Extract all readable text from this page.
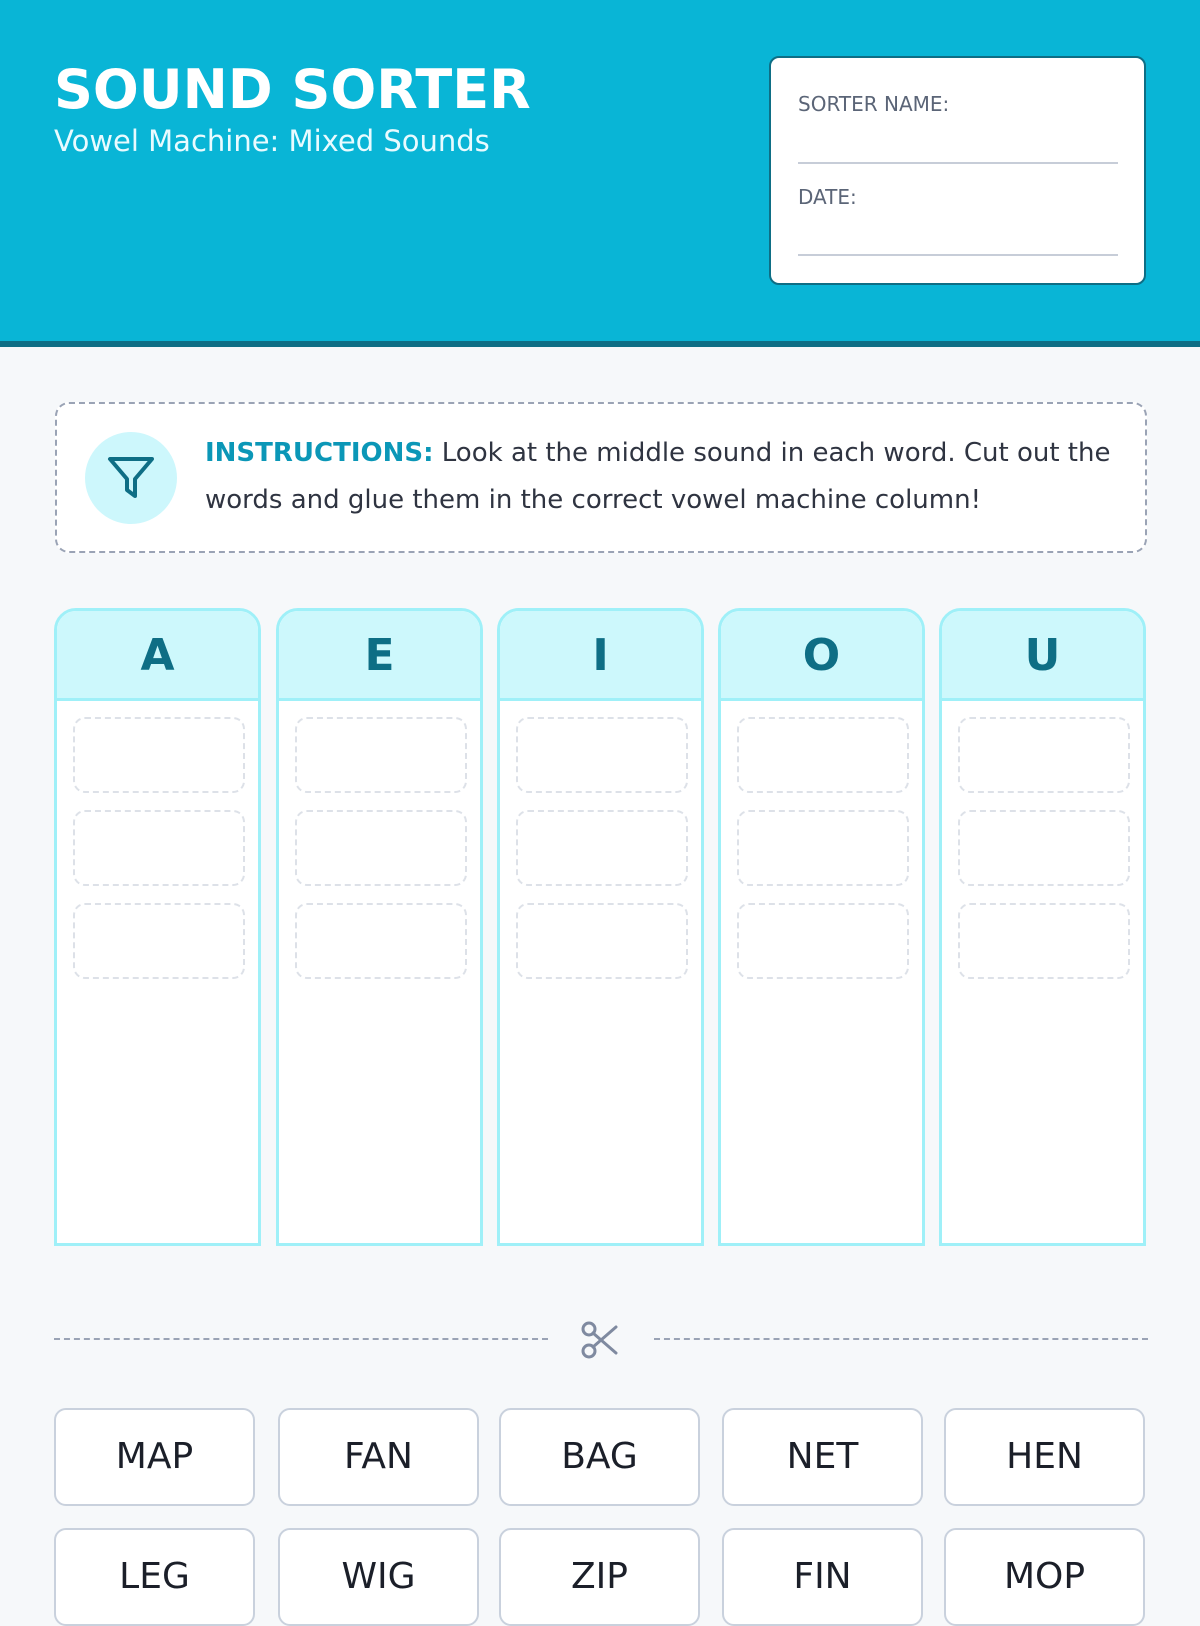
SOUND SORTER
Vowel Machine: Mixed Sounds
SORTER NAME:
DATE:
INSTRUCTIONS: Look at the middle sound in each word. Cut out the words and glue them in the correct vowel machine column!
A	E	I	O	U
MAP	FAN	BAG	NET	HEN
LEG	WIG	ZIP	FIN	MOP
